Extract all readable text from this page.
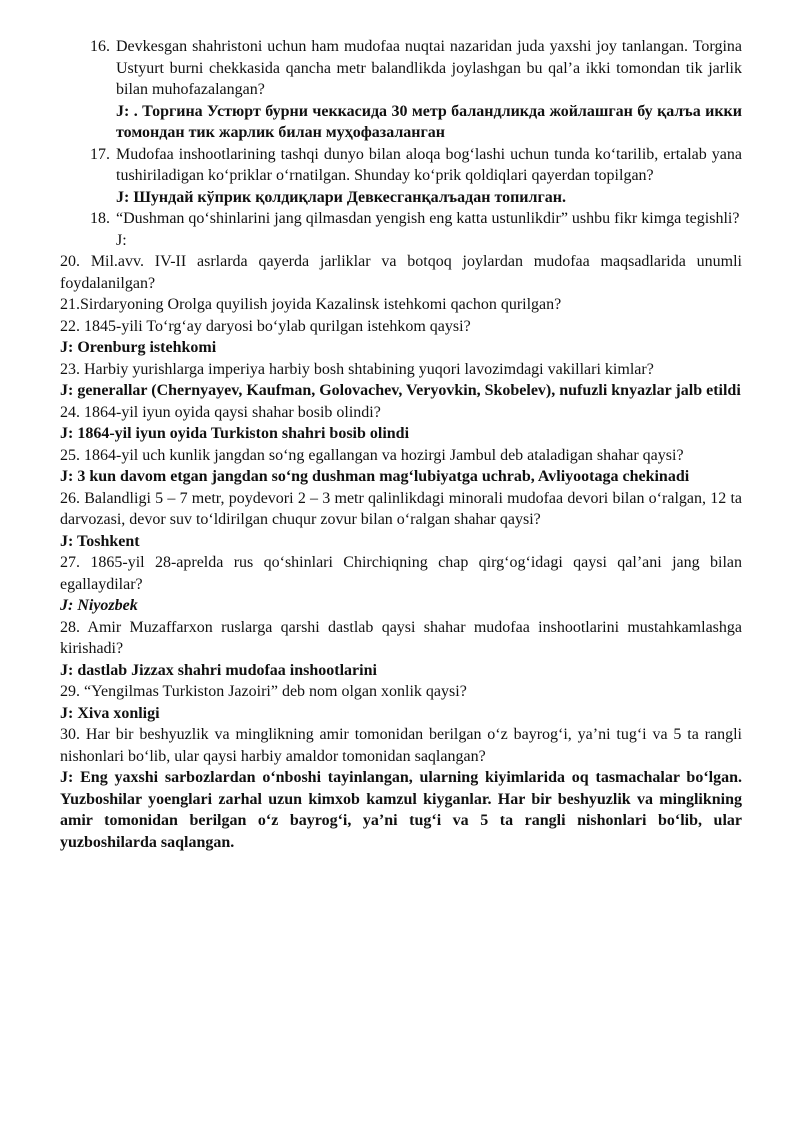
16. Devkesgan shahristoni uchun ham mudofaa nuqtai nazaridan juda yaxshi joy tanlangan. Torgina Ustyurt burni chekkasida qancha metr balandlikda joylashgan bu qal’a ikki tomondan tik jarlik bilan muhofazalangan?

J: . Торгина Устюрт бурни чеккасида 30 метр баландликда жойлашган бу қалъа икки томондан тик жарлик билан муҳофазаланган

17. Mudofaa inshootlarining tashqi dunyo bilan aloqa bog‘lashi uchun tunda ko‘tarilib, ertalab yana tushiriladigan ko‘priklar o‘rnatilgan. Shunday ko‘prik qoldiqlari qayerdan topilgan?

J: Шундай кўприк қолдиқлари Девкесганқалъадан топилган.

18. “Dushman qo‘shinlarini jang qilmasdan yengish eng katta ustunlikdir” ushbu fikr kimga tegishli?

J:

20. Mil.avv. IV-II asrlarda qayerda jarliklar va botqoq joylardan mudofaa maqsadlarida unumli foydalanilgan?

21.Sirdaryoning Orolga quyilish joyida Kazalinsk istehkomi qachon qurilgan?

22. 1845-yili To‘rg‘ay daryosi bo‘ylab qurilgan istehkom qaysi?

J: Orenburg istehkomi

23. Harbiy yurishlarga imperiya harbiy bosh shtabining yuqori lavozimdagi vakillari kimlar?

J: generallar (Chernyayev, Kaufman, Golovachev, Veryovkin, Skobelev), nufuzli knyazlar jalb etildi

24. 1864-yil iyun oyida qaysi shahar bosib olindi?

J: 1864-yil iyun oyida Turkiston shahri bosib olindi

25. 1864-yil uch kunlik jangdan so‘ng egallangan va hozirgi Jambul deb ataladigan shahar qaysi?

J: 3 kun davom etgan jangdan so‘ng dushman mag‘lubiyatga uchrab, Avliyootaga chekinadi

26. Balandligi 5 – 7 metr, poydevori 2 – 3 metr qalinlikdagi minorali mudofaa devori bilan o‘ralgan, 12 ta darvozasi, devor suv to‘ldirilgan chuqur zovur bilan o‘ralgan shahar qaysi?

J: Toshkent

27. 1865-yil 28-aprelda rus qo‘shinlari Chirchiqning chap qirg‘og‘idagi qaysi qal’ani jang bilan egallaydilar?

J: Niyozbek

28. Amir Muzaffarxon ruslarga qarshi dastlab qaysi shahar mudofaa inshootlarini mustahkamlashga kirishadi?

J: dastlab Jizzax shahri mudofaa inshootlarini

29. “Yengilmas Turkiston Jazoiri” deb nom olgan xonlik qaysi?

J: Xiva xonligi

30. Har bir beshyuzlik va minglikning amir tomonidan berilgan o‘z bayrog‘i, ya’ni tug‘i va 5 ta rangli nishonlari bo‘lib, ular qaysi harbiy amaldor tomonidan saqlangan?

J: Eng yaxshi sarbozlardan o‘nboshi tayinlangan, ularning kiyimlarida oq tasmachalar bo‘lgan. Yuzboshilar yoenglari zarhal uzun kimxob kamzul kiyganlar. Har bir beshyuzlik va minglikning amir tomonidan berilgan o‘z bayrog‘i, ya’ni tug‘i va 5 ta rangli nishonlari bo‘lib, ular yuzboshilarda saqlangan.
